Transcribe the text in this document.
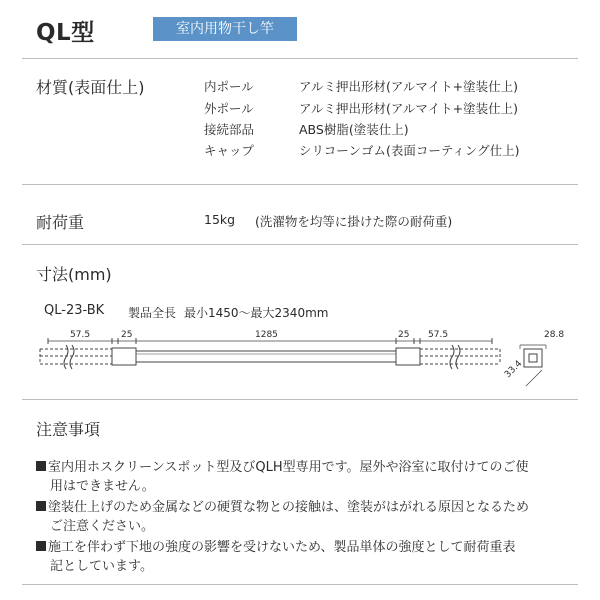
QL型	室内用物干し竿
材質(表面仕上)	内ポール	アルミ押出形材(アルマイト+塗装仕上)
外ポール	アルミ押出形材(アルマイト+塗装仕上)
接続部品	ABS樹脂(塗装仕上)
キャップ	シリコーンゴム(表面コーティング仕上)
耐荷重	15kg (洗濯物を均等に掛けた際の耐荷重)
寸法(mm)
QL-23-BK 製品全長 最小1450～最大2340mm
57.5	25	1285	25 57.5	28.8
33.4
注意事項
室内用ホスクリーンスポット型及びQLH型専用です。屋外や浴室に取付けてのご使
用はできません。
塗装仕上げのため金属などの硬質な物との接触は、塗装がはがれる原因となるため
ご注意ください。
施工を伴わず下地の強度の影響を受けないため、製品単体の強度として耐荷重表
記としています。
